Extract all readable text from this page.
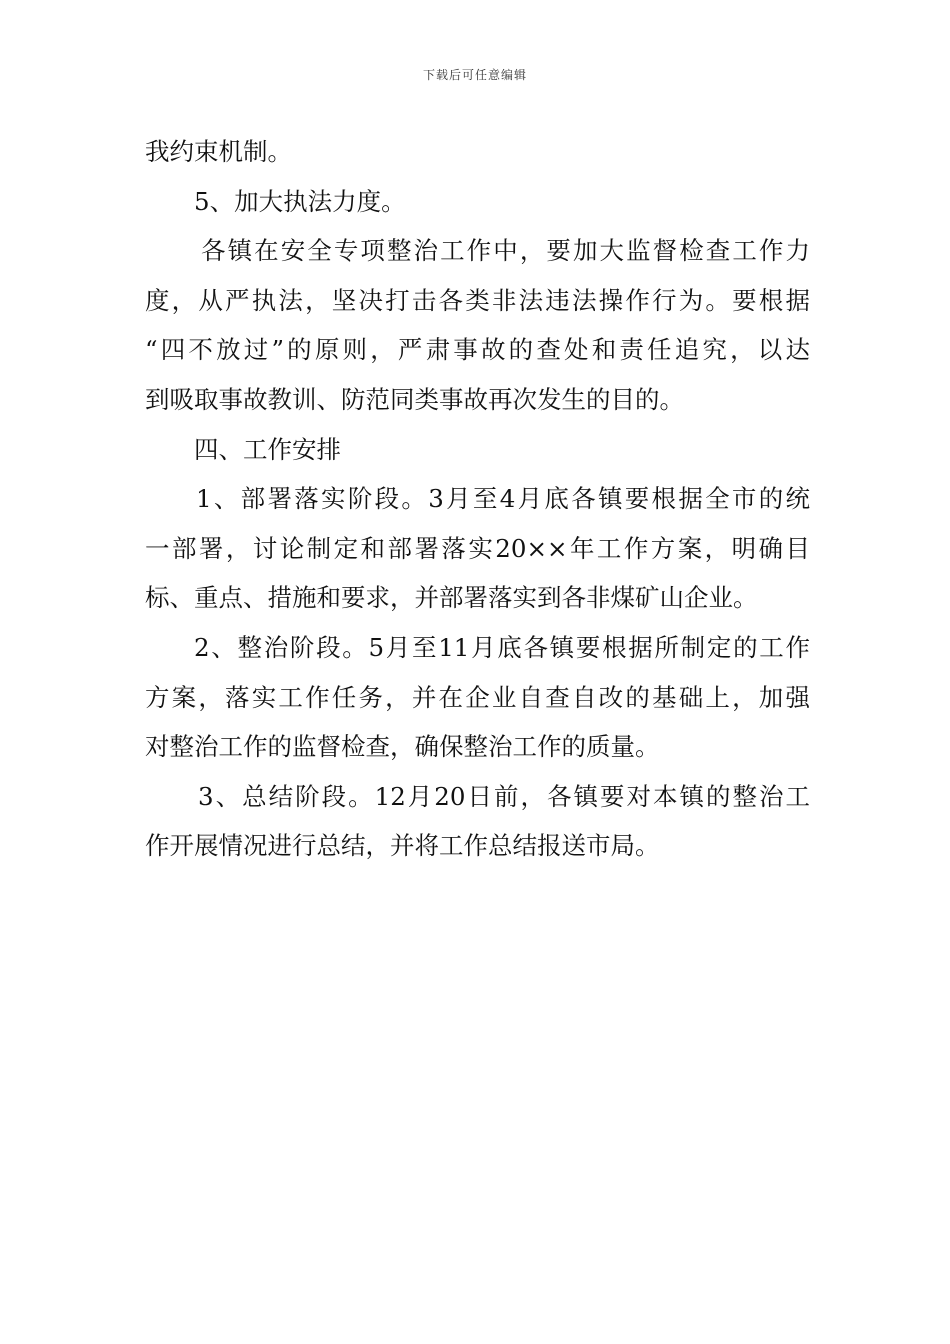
下载后可任意编辑
我约束机制。
5、加大执法力度。
各镇在安全专项整治工作中，要加大监督检查工作力
度，从严执法，坚决打击各类非法违法操作行为。要根据
“四不放过”的原则，严肃事故的查处和责任追究，以达
到吸取事故教训、防范同类事故再次发生的目的。
四、工作安排
1、部署落实阶段。3月至4月底各镇要根据全市的统
一部署，讨论制定和部署落实20××年工作方案，明确目
标、重点、措施和要求，并部署落实到各非煤矿山企业。
2、整治阶段。5月至11月底各镇要根据所制定的工作
方案，落实工作任务，并在企业自查自改的基础上，加强
对整治工作的监督检查，确保整治工作的质量。
3、总结阶段。12月20日前，各镇要对本镇的整治工
作开展情况进行总结，并将工作总结报送市局。
